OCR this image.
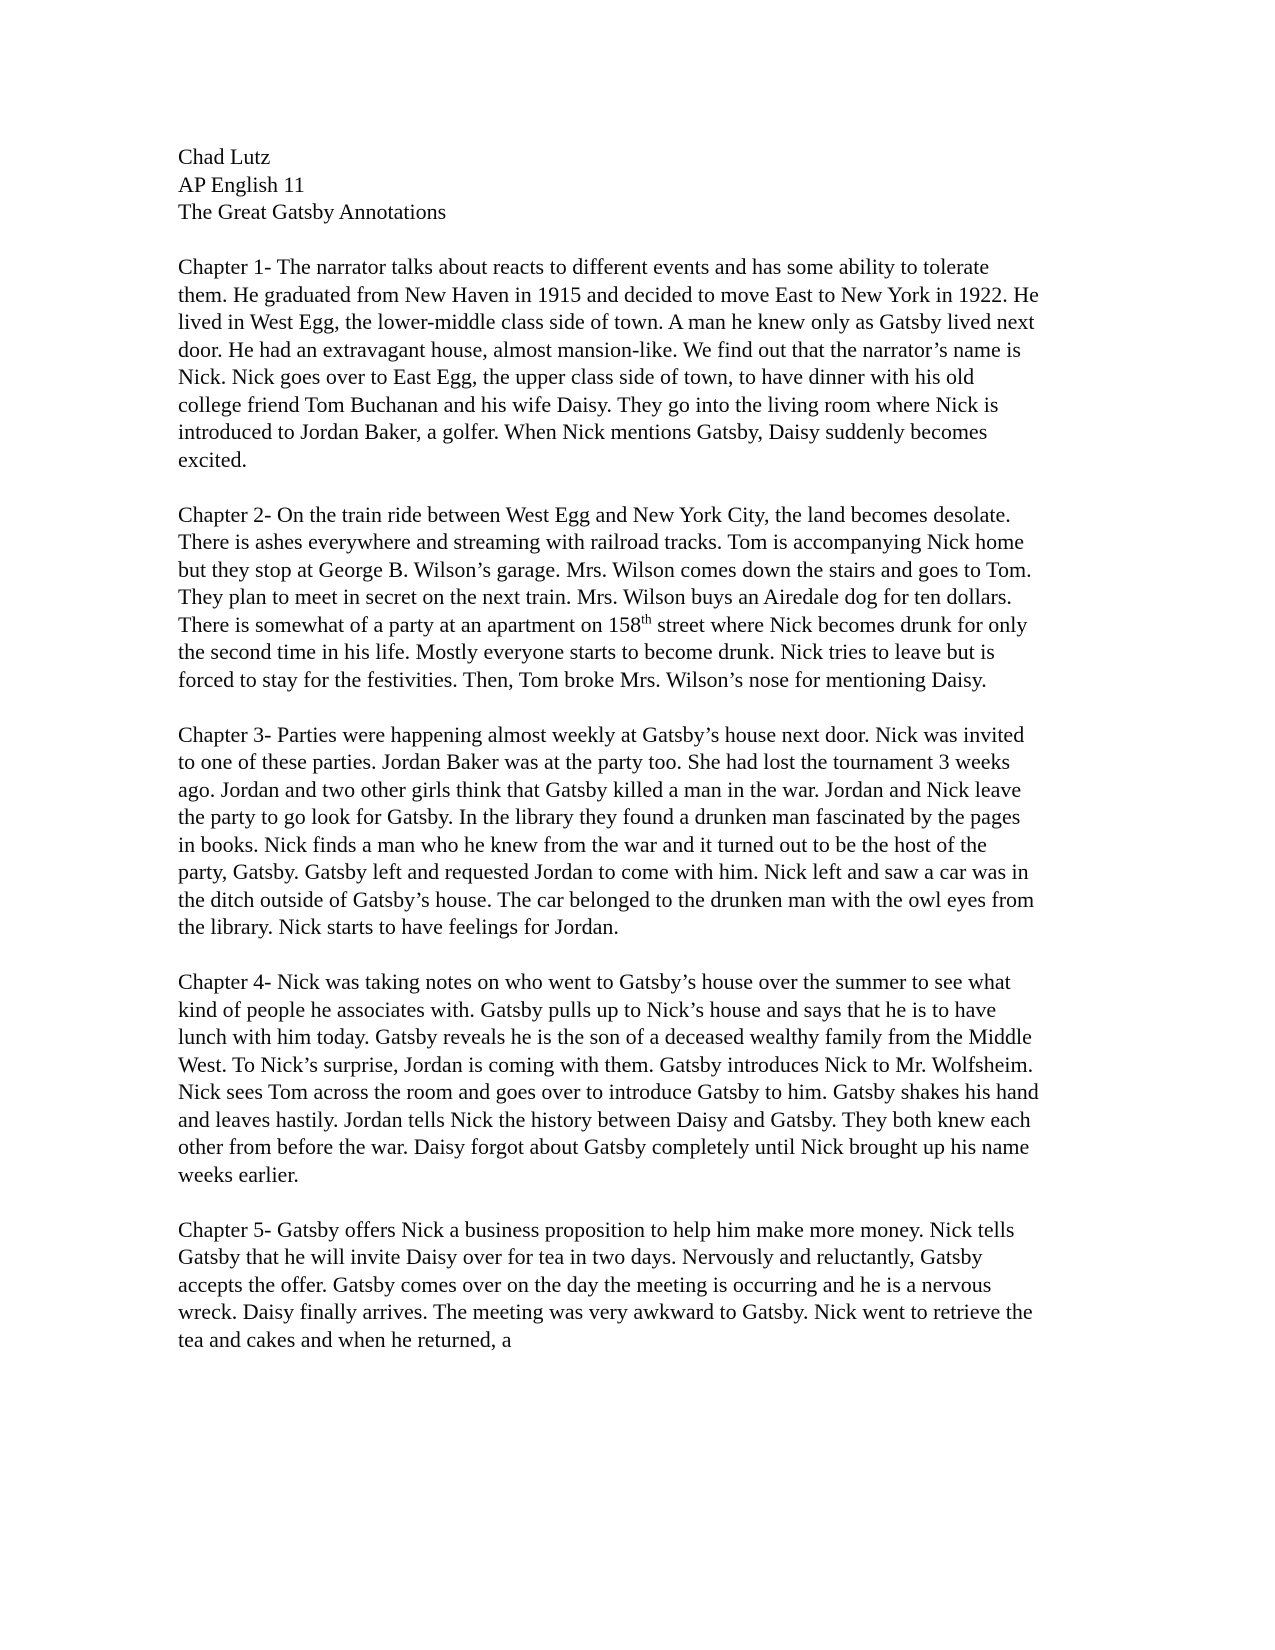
Chad Lutz
AP English 11
The Great Gatsby Annotations

Chapter 1- The narrator talks about reacts to different events and has some ability to tolerate them. He graduated from New Haven in 1915 and decided to move East to New York in 1922. He lived in West Egg, the lower-middle class side of town. A man he knew only as Gatsby lived next door. He had an extravagant house, almost mansion-like. We find out that the narrator’s name is Nick. Nick goes over to East Egg, the upper class side of town, to have dinner with his old college friend Tom Buchanan and his wife Daisy. They go into the living room where Nick is introduced to Jordan Baker, a golfer. When Nick mentions Gatsby, Daisy suddenly becomes excited.

Chapter 2- On the train ride between West Egg and New York City, the land becomes desolate.  There is ashes everywhere and streaming with railroad tracks. Tom is accompanying Nick home but they stop at George B. Wilson’s garage. Mrs. Wilson comes down the stairs and goes to Tom. They plan to meet in secret on the next train. Mrs. Wilson buys an Airedale dog for ten dollars. There is somewhat of a party at an apartment on 158th street where Nick becomes drunk for only the second time in his life. Mostly everyone starts to become drunk. Nick tries to leave but is forced to stay for the festivities. Then, Tom broke Mrs. Wilson’s nose for mentioning Daisy.

Chapter 3- Parties were happening almost weekly at Gatsby’s house next door. Nick was invited to one of these parties. Jordan Baker was at the party too. She had lost the tournament 3 weeks ago. Jordan and two other girls think that Gatsby killed a man in the war. Jordan and Nick leave the party to go look for Gatsby. In the library they found a drunken man fascinated by the pages in books. Nick finds a man who he knew from the war and it turned out to be the host of the party, Gatsby. Gatsby left and requested Jordan to come with him. Nick left and saw a car was in the ditch outside of Gatsby’s house. The car belonged to the drunken man with the owl eyes from the library. Nick starts to have feelings for Jordan.

Chapter 4- Nick was taking notes on who went to Gatsby’s house over the summer to see what kind of people he associates with. Gatsby pulls up to Nick’s house and says that he is to have lunch with him today. Gatsby reveals he is the son of a deceased wealthy family from the Middle West. To Nick’s surprise, Jordan is coming with them. Gatsby introduces Nick to Mr. Wolfsheim. Nick sees Tom across the room and goes over to introduce Gatsby to him. Gatsby shakes his hand and leaves hastily. Jordan tells Nick the history between Daisy and Gatsby. They both knew each other from before the war. Daisy forgot about Gatsby completely until Nick brought up his name weeks earlier.

Chapter 5- Gatsby offers Nick a business proposition to help him make more money. Nick tells Gatsby that he will invite Daisy over for tea in two days. Nervously and reluctantly, Gatsby accepts the offer. Gatsby comes over on the day the meeting is occurring and he is a nervous wreck. Daisy finally arrives. The meeting was very awkward to Gatsby. Nick went to retrieve the tea and cakes and when he returned, a
